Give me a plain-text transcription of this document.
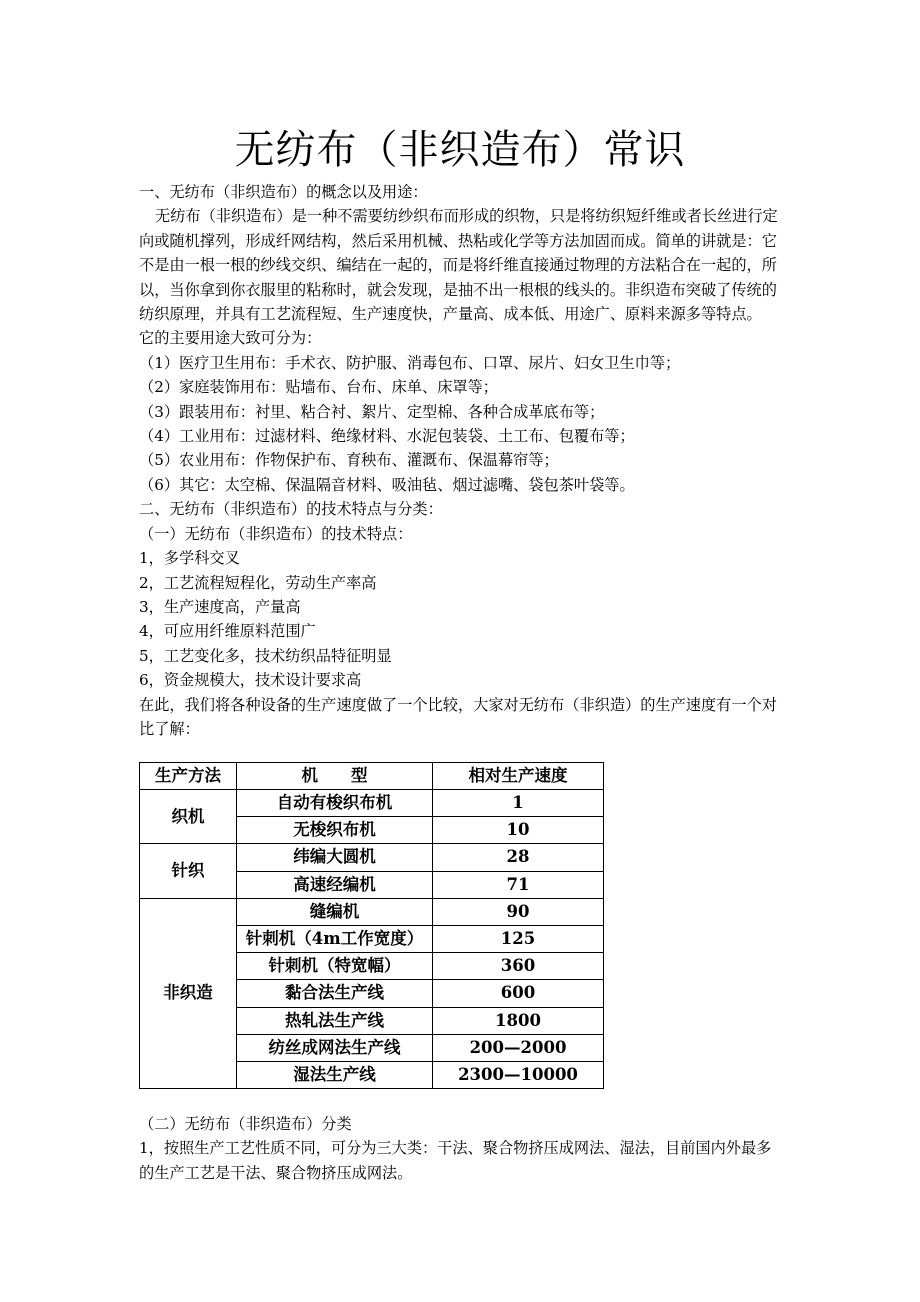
无纺布（非织造布）常识

一、无纺布（非织造布）的概念以及用途：

无纺布（非织造布）是一种不需要纺纱织布而形成的织物，只是将纺织短纤维或者长丝进行定向或随机撑列，形成纤网结构，然后采用机械、热粘或化学等方法加固而成。简单的讲就是：它不是由一根一根的纱线交织、编结在一起的，而是将纤维直接通过物理的方法粘合在一起的，所以，当你拿到你衣服里的粘称时，就会发现，是抽不出一根根的线头的。非织造布突破了传统的纺织原理，并具有工艺流程短、生产速度快，产量高、成本低、用途广、原料来源多等特点。

它的主要用途大致可分为：

（1）医疗卫生用布：手术衣、防护服、消毒包布、口罩、尿片、妇女卫生巾等；

（2）家庭装饰用布：贴墙布、台布、床单、床罩等；

（3）跟装用布：衬里、粘合衬、絮片、定型棉、各种合成革底布等；

（4）工业用布：过滤材料、绝缘材料、水泥包装袋、土工布、包覆布等；

（5）农业用布：作物保护布、育秧布、灌溉布、保温幕帘等；

（6）其它：太空棉、保温隔音材料、吸油毡、烟过滤嘴、袋包茶叶袋等。

二、无纺布（非织造布）的技术特点与分类：

（一）无纺布（非织造布）的技术特点：

1，多学科交叉

2，工艺流程短程化，劳动生产率高

3，生产速度高，产量高

4，可应用纤维原料范围广

5，工艺变化多，技术纺织品特征明显

6，资金规模大，技术设计要求高

在此，我们将各种设备的生产速度做了一个比较，大家对无纺布（非织造）的生产速度有一个对比了解：

生产方法	机　　型	相对生产速度
织机	自动有梭织布机	1
	无梭织布机	10
针织	纬编大圆机	28
	高速经编机	71
非织造	缝编机	90
	针刺机（4m工作宽度）	125
	针刺机（特宽幅）	360
	黏合法生产线	600
	热轧法生产线	1800
	纺丝成网法生产线	200—2000
	湿法生产线	2300—10000

（二）无纺布（非织造布）分类

1，按照生产工艺性质不同，可分为三大类：干法、聚合物挤压成网法、湿法，目前国内外最多的生产工艺是干法、聚合物挤压成网法。
